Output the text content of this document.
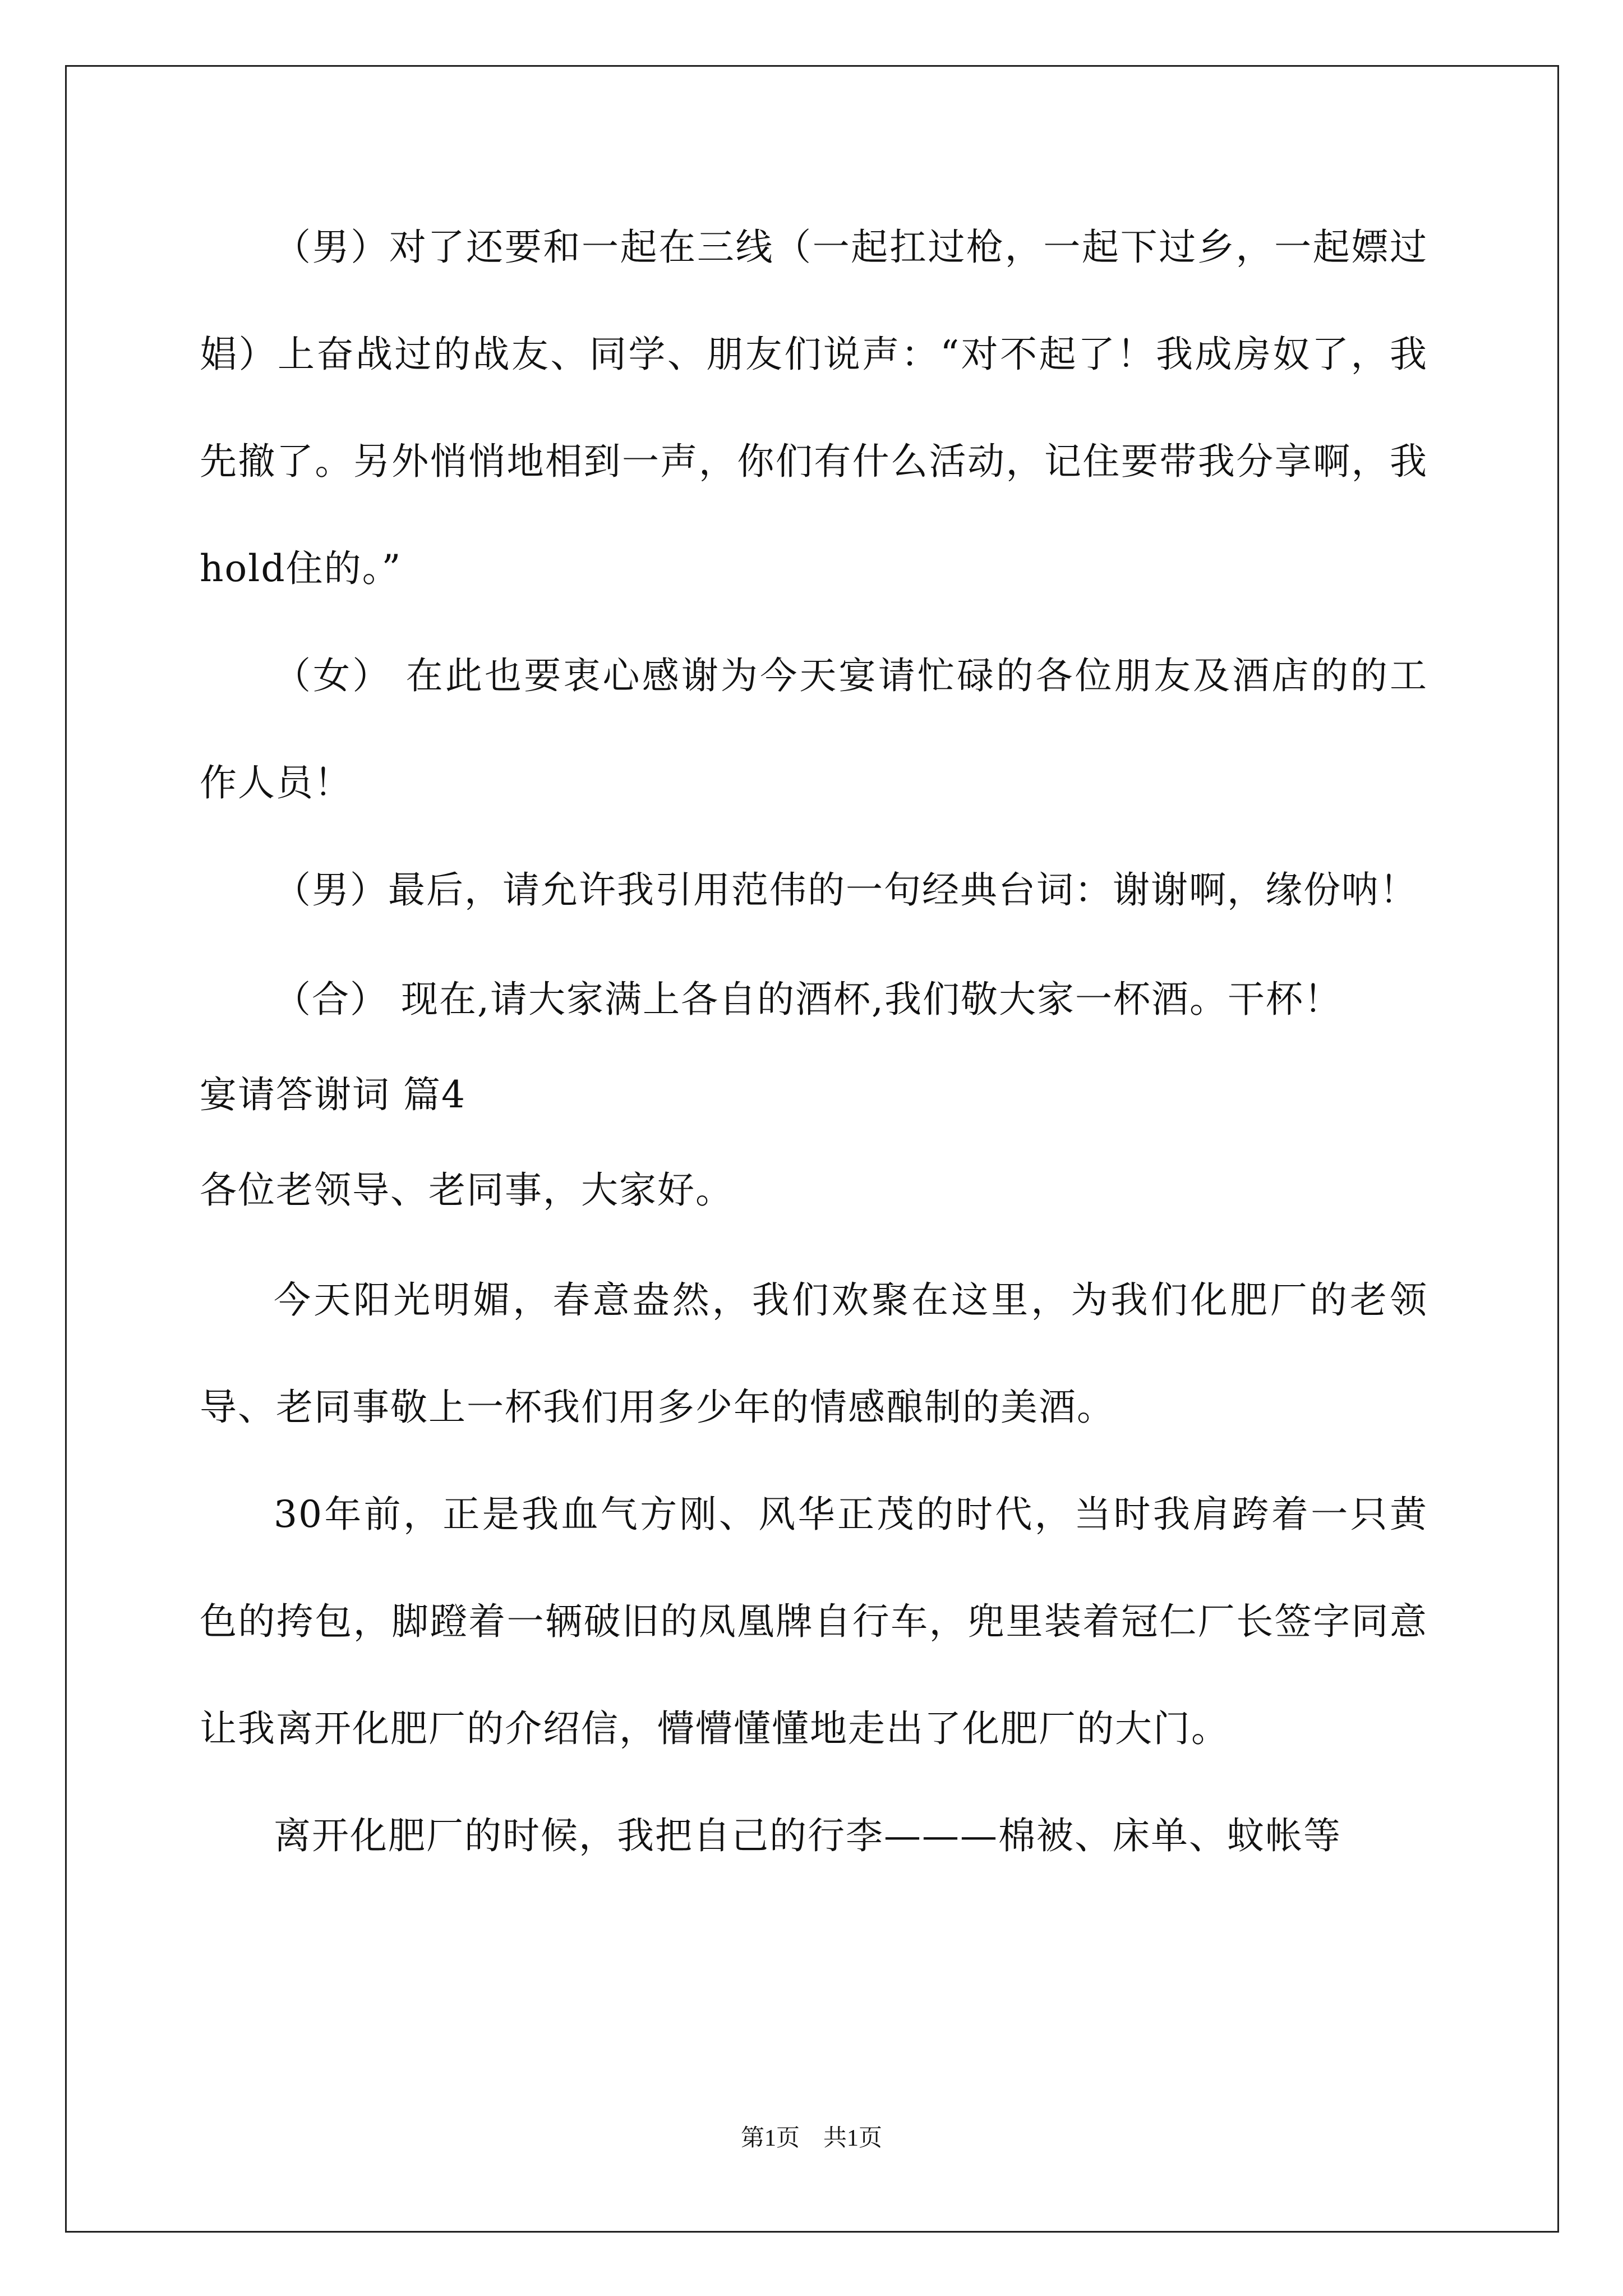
（男）对了还要和一起在三线（一起扛过枪，一起下过乡，一起嫖过娼）上奋战过的战友、同学、朋友们说声：“对不起了！我成房奴了，我先撤了。另外悄悄地相到一声，你们有什么活动，记住要带我分享啊，我hold住的。”

（女） 在此也要衷心感谢为今天宴请忙碌的各位朋友及酒店的的工作人员！

（男）最后，请允许我引用范伟的一句经典台词：谢谢啊，缘份呐！

（合） 现在,请大家满上各自的酒杯,我们敬大家一杯酒。干杯！

宴请答谢词 篇4

各位老领导、老同事，大家好。

今天阳光明媚，春意盎然，我们欢聚在这里，为我们化肥厂的老领导、老同事敬上一杯我们用多少年的情感酿制的美酒。

30年前，正是我血气方刚、风华正茂的时代，当时我肩跨着一只黄色的挎包，脚蹬着一辆破旧的凤凰牌自行车，兜里装着冠仁厂长签字同意让我离开化肥厂的介绍信，懵懵懂懂地走出了化肥厂的大门。

离开化肥厂的时候，我把自己的行李———棉被、床单、蚊帐等

第1页　共1页
